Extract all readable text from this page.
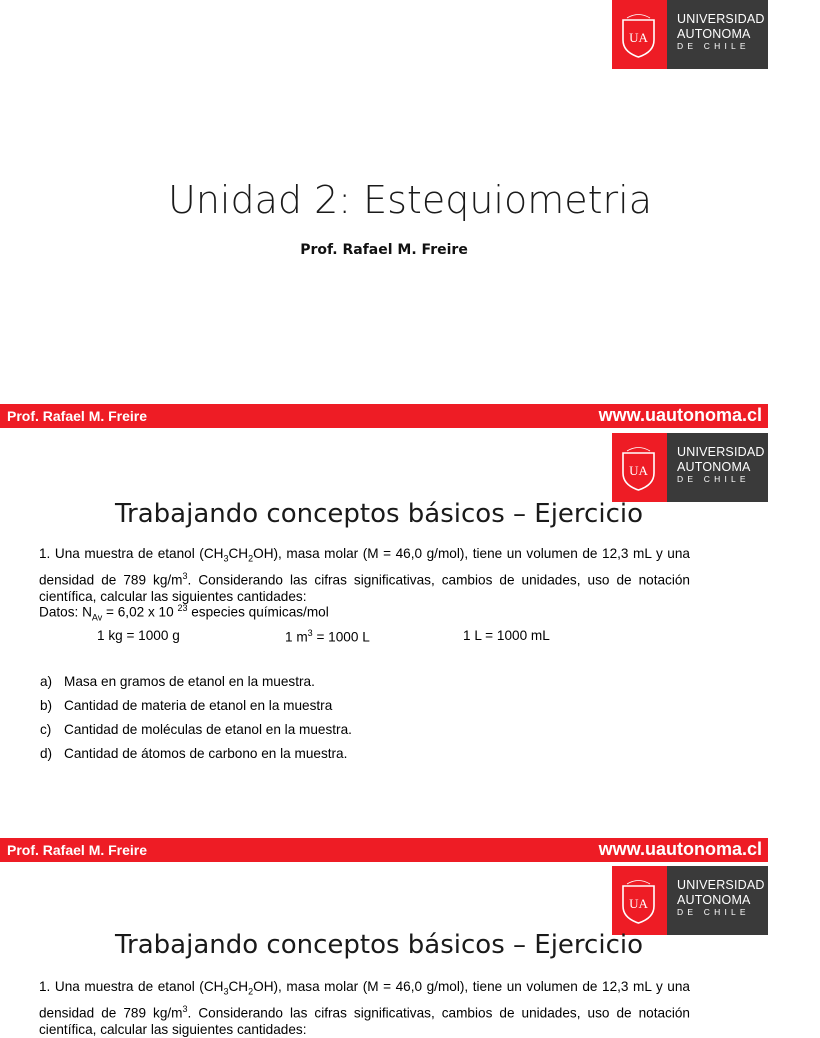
UA
UNIVERSIDAD
AUTONOMA
DE CHILE
Unidad 2: Estequiometria
Prof. Rafael M. Freire
Prof. Rafael M. Freire	www.uautonoma.cl
UA
UNIVERSIDAD
AUTONOMA
DE CHILE
Trabajando conceptos básicos – Ejercicio
1. Una muestra de etanol $(CH_3CH_2OH)$, masa molar (M = 46,0 g/mol), tiene un volumen de 12,3 mL y una densidad de 789 $kg/m^3$. Considerando las cifras significativas, cambios de unidades, uso de notación científica, calcular las siguientes cantidades:
Datos: $N_{Av} = 6,02$ x 10 $^{23}$ especies químicas/mol
1 kg = 1000 g	1 $m^3 = 1000$ L	1 L = 1000 mL
a) Masa en gramos de etanol en la muestra.
b) Cantidad de materia de etanol en la muestra
c) Cantidad de moléculas de etanol en la muestra.
d) Cantidad de átomos de carbono en la muestra.
Prof. Rafael M. Freire	www.uautonoma.cl
UA
UNIVERSIDAD
AUTONOMA
DE CHILE
Trabajando conceptos básicos – Ejercicio
1. Una muestra de etanol $(CH_3CH_2OH)$, masa molar (M = 46,0 g/mol), tiene un volumen de 12,3 mL y una densidad de 789 $kg/m^3$. Considerando las cifras significativas, cambios de unidades, uso de notación científica, calcular las siguientes cantidades:
